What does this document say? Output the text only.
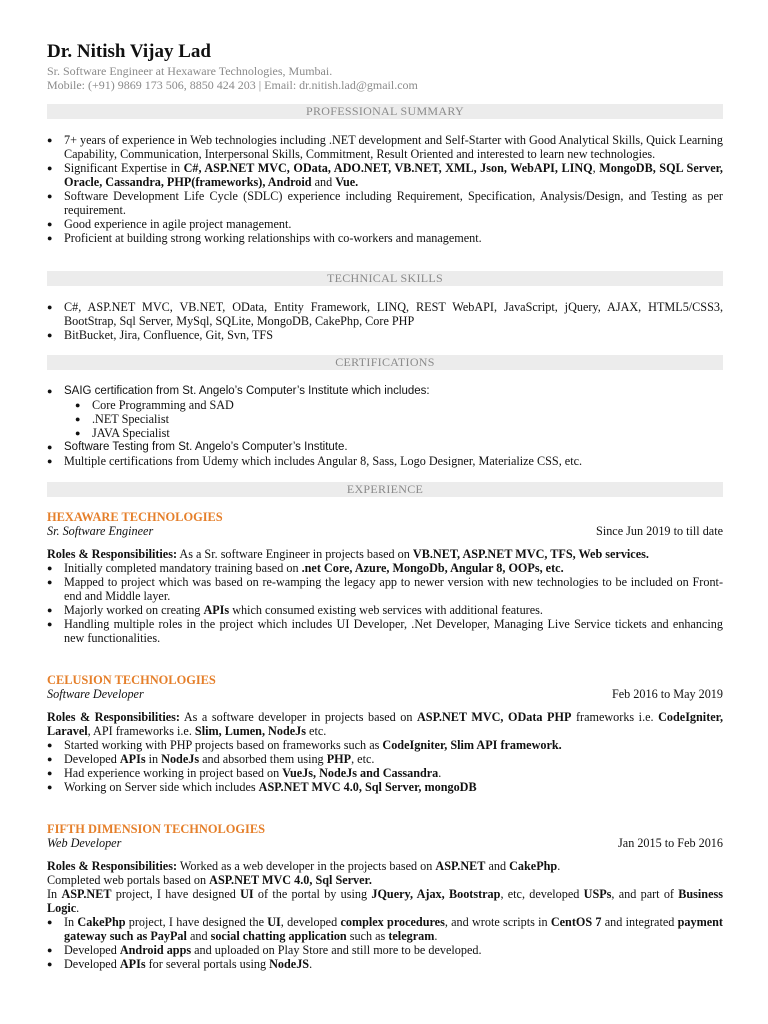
Dr. Nitish Vijay Lad
Sr. Software Engineer at Hexaware Technologies, Mumbai.
Mobile: (+91) 9869 173 506, 8850 424 203 | Email: dr.nitish.lad@gmail.com
PROFESSIONAL SUMMARY
● 7+ years of experience in Web technologies including .NET development and Self-Starter with Good Analytical Skills, Quick Learning Capability, Communication, Interpersonal Skills, Commitment, Result Oriented and interested to learn new technologies.
● Significant Expertise in C#, ASP.NET MVC, OData, ADO.NET, VB.NET, XML, Json, WebAPI, LINQ, MongoDB, SQL Server, Oracle, Cassandra, PHP(frameworks), Android and Vue.
● Software Development Life Cycle (SDLC) experience including Requirement, Specification, Analysis/Design, and Testing as per requirement.
● Good experience in agile project management.
● Proficient at building strong working relationships with co-workers and management.
TECHNICAL SKILLS
● C#, ASP.NET MVC, VB.NET, OData, Entity Framework, LINQ, REST WebAPI, JavaScript, jQuery, AJAX, HTML5/CSS3, BootStrap, Sql Server, MySql, SQLite, MongoDB, CakePhp, Core PHP
● BitBucket, Jira, Confluence, Git, Svn, TFS
CERTIFICATIONS
● SAIG certification from St. Angelo’s Computer’s Institute which includes:
● Core Programming and SAD
● .NET Specialist
● JAVA Specialist
● Software Testing from St. Angelo’s Computer’s Institute.
● Multiple certifications from Udemy which includes Angular 8, Sass, Logo Designer, Materialize CSS, etc.
EXPERIENCE
HEXAWARE TECHNOLOGIES
Sr. Software Engineer	Since Jun 2019 to till date

Roles & Responsibilities: As a Sr. software Engineer in projects based on VB.NET, ASP.NET MVC, TFS, Web services.

● Initially completed mandatory training based on .net Core, Azure, MongoDb, Angular 8, OOPs, etc.
● Mapped to project which was based on re-wamping the legacy app to newer version with new technologies to be included on Front-end and Middle layer.
● Majorly worked on creating APIs which consumed existing web services with additional features.
● Handling multiple roles in the project which includes UI Developer, .Net Developer, Managing Live Service tickets and enhancing new functionalities.
CELUSION TECHNOLOGIES
Software Developer	Feb 2016 to May 2019

Roles & Responsibilities: As a software developer in projects based on ASP.NET MVC, OData PHP frameworks i.e. CodeIgniter, Laravel, API frameworks i.e. Slim, Lumen, NodeJs etc.

● Started working with PHP projects based on frameworks such as CodeIgniter, Slim API framework.
● Developed APIs in NodeJs and absorbed them using PHP, etc.
● Had experience working in project based on VueJs, NodeJs and Cassandra.
● Working on Server side which includes ASP.NET MVC 4.0, Sql Server, mongoDB
FIFTH DIMENSION TECHNOLOGIES
Web Developer	Jan 2015 to Feb 2016

Roles & Responsibilities: Worked as a web developer in the projects based on ASP.NET and CakePhp.

Completed web portals based on ASP.NET MVC 4.0, Sql Server.

In ASP.NET project, I have designed UI of the portal by using JQuery, Ajax, Bootstrap, etc, developed USPs, and part of Business Logic.

● In CakePhp project, I have designed the UI, developed complex procedures, and wrote scripts in CentOS 7 and integrated payment gateway such as PayPal and social chatting application such as telegram.
● Developed Android apps and uploaded on Play Store and still more to be developed.
● Developed APIs for several portals using NodeJS.
